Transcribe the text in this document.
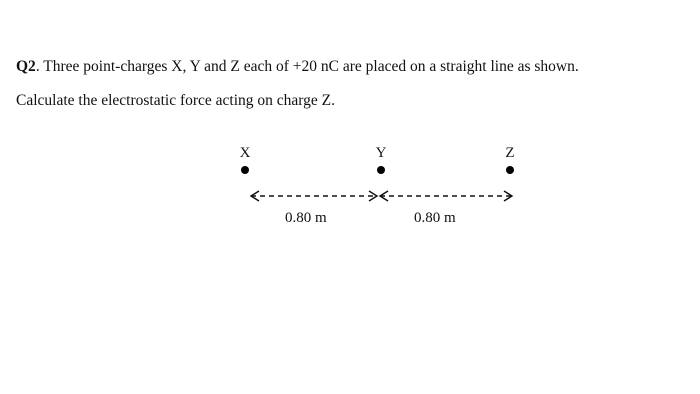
Q2. Three point-charges X, Y and Z each of +20 nC are placed on a straight line as shown.
Calculate the electrostatic force acting on charge Z.
X	Y	Z
0.80 m	0.80 m
